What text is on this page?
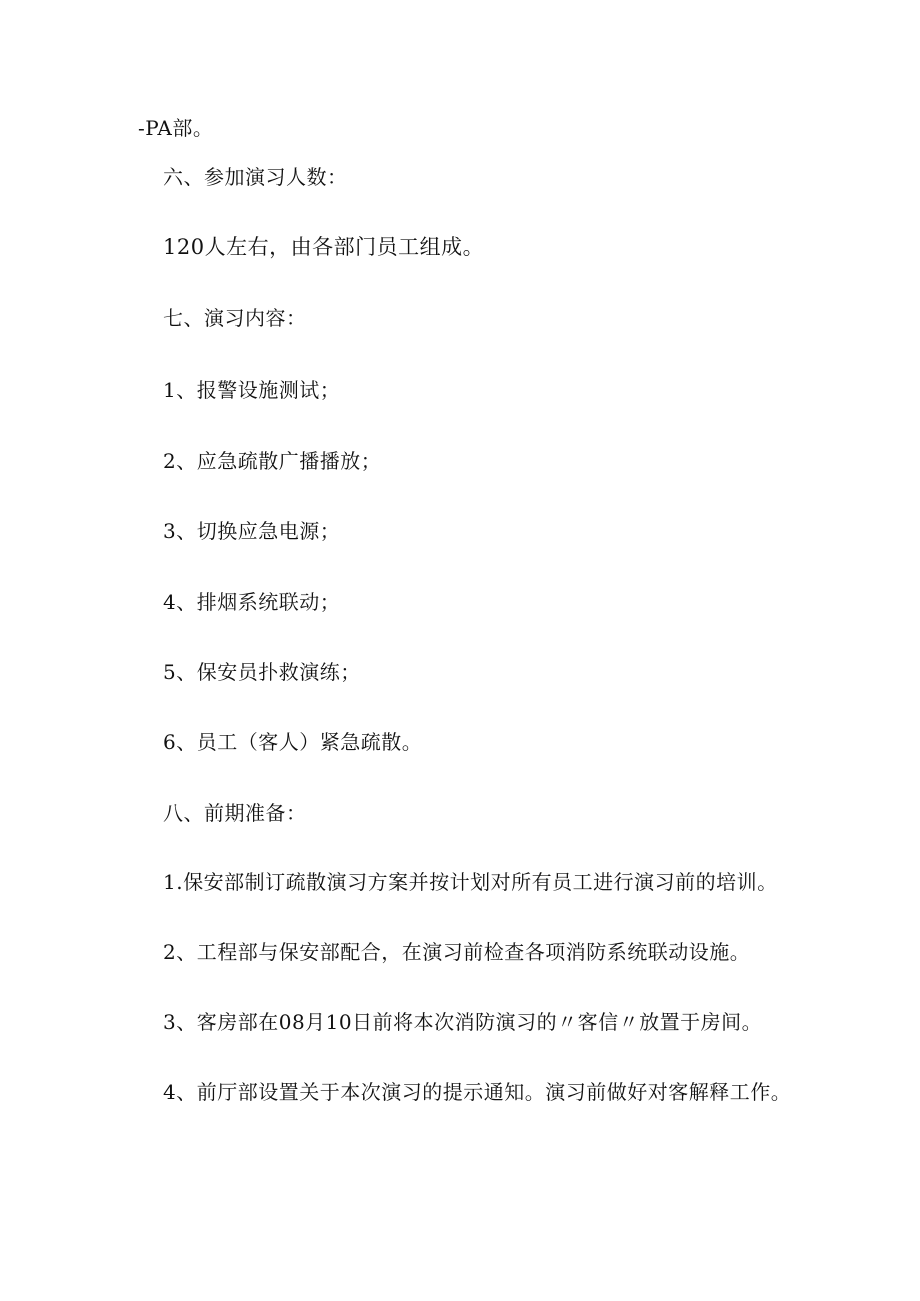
-PA部。
六、参加演习人数：
120人左右，由各部门员工组成。
七、演习内容：
1、报警设施测试；
2、应急疏散广播播放；
3、切换应急电源；
4、排烟系统联动；
5、保安员扑救演练；
6、员工（客人）紧急疏散。
八、前期准备：
1.保安部制订疏散演习方案并按计划对所有员工进行演习前的培训。
2、工程部与保安部配合，在演习前检查各项消防系统联动设施。
3、客房部在08月10日前将本次消防演习的〃客信〃放置于房间。
4、前厅部设置关于本次演习的提示通知。演习前做好对客解释工作。
